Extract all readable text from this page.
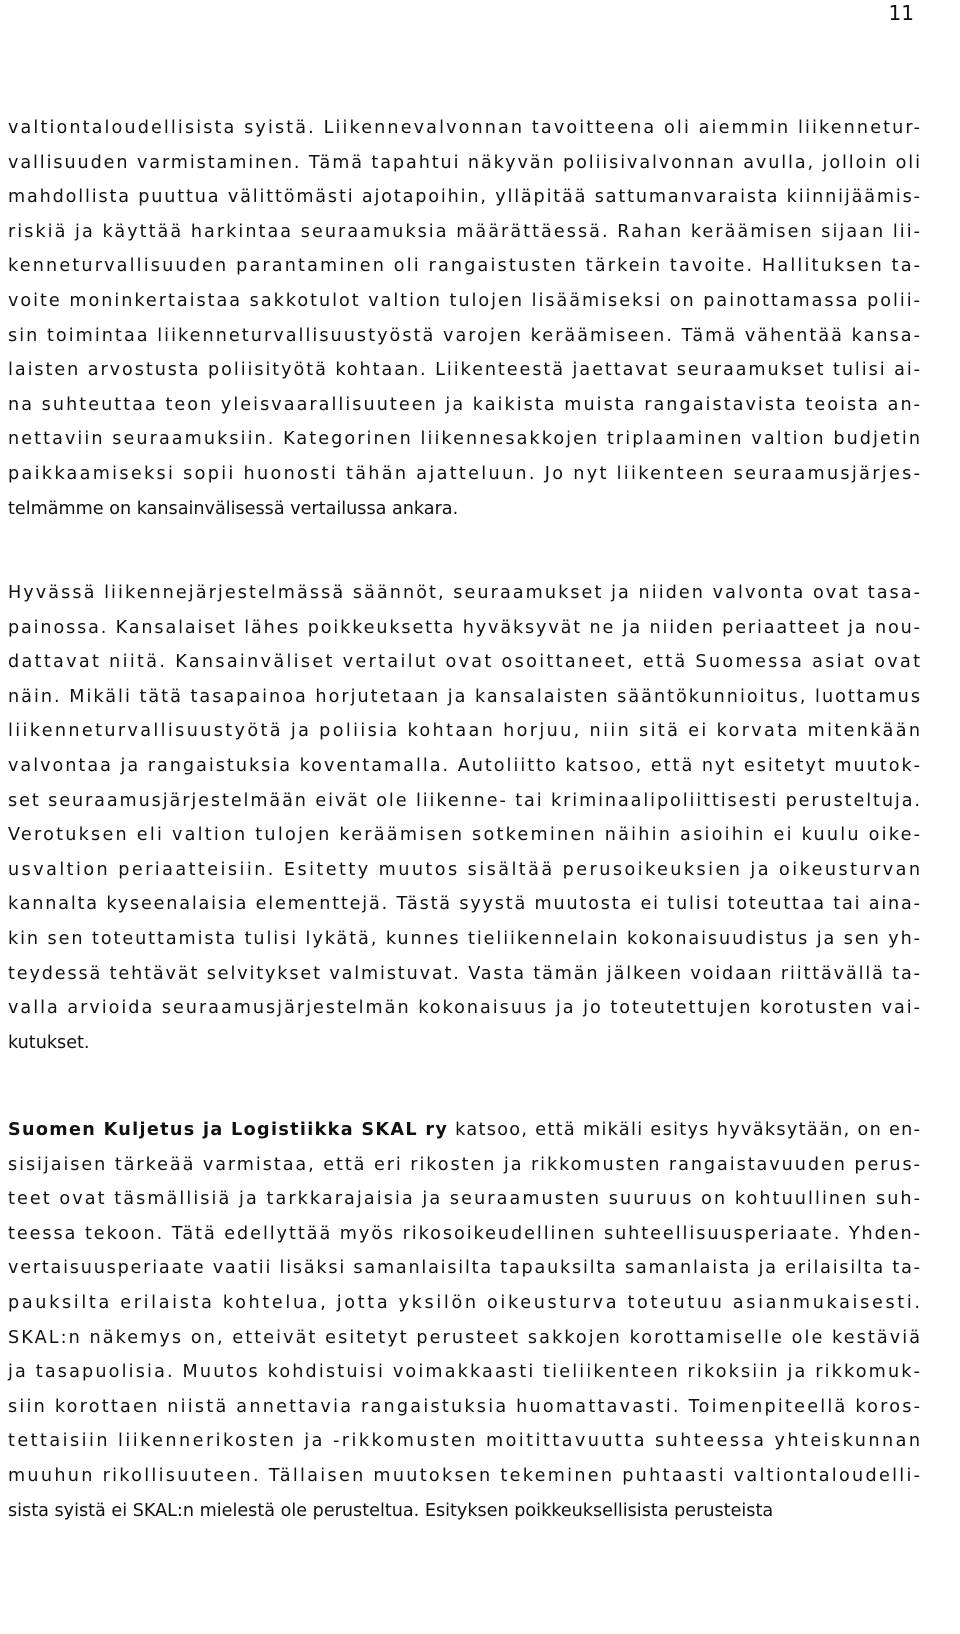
11
valtiontaloudellisista syistä. Liikennevalvonnan tavoitteena oli aiemmin liikennetur-
vallisuuden varmistaminen. Tämä tapahtui näkyvän poliisivalvonnan avulla, jolloin oli
mahdollista puuttua välittömästi ajotapoihin, ylläpitää sattumanvaraista kiinnijäämis-
riskiä ja käyttää harkintaa seuraamuksia määrättäessä. Rahan keräämisen sijaan lii-
kenneturvallisuuden parantaminen oli rangaistusten tärkein tavoite. Hallituksen ta-
voite moninkertaistaa sakkotulot valtion tulojen lisäämiseksi on painottamassa polii-
sin toimintaa liikenneturvallisuustyöstä varojen keräämiseen. Tämä vähentää kansa-
laisten arvostusta poliisityötä kohtaan. Liikenteestä jaettavat seuraamukset tulisi ai-
na suhteuttaa teon yleisvaarallisuuteen ja kaikista muista rangaistavista teoista an-
nettaviin seuraamuksiin. Kategorinen liikennesakkojen triplaaminen valtion budjetin
paikkaamiseksi sopii huonosti tähän ajatteluun. Jo nyt liikenteen seuraamusjärjes-
telmämme on kansainvälisessä vertailussa ankara.
Hyvässä liikennejärjestelmässä säännöt, seuraamukset ja niiden valvonta ovat tasa-
painossa. Kansalaiset lähes poikkeuksetta hyväksyvät ne ja niiden periaatteet ja nou-
dattavat niitä. Kansainväliset vertailut ovat osoittaneet, että Suomessa asiat ovat
näin. Mikäli tätä tasapainoa horjutetaan ja kansalaisten sääntökunnioitus, luottamus
liikenneturvallisuustyötä ja poliisia kohtaan horjuu, niin sitä ei korvata mitenkään
valvontaa ja rangaistuksia koventamalla. Autoliitto katsoo, että nyt esitetyt muutok-
set seuraamusjärjestelmään eivät ole liikenne- tai kriminaalipoliittisesti perusteltuja.
Verotuksen eli valtion tulojen keräämisen sotkeminen näihin asioihin ei kuulu oike-
usvaltion periaatteisiin. Esitetty muutos sisältää perusoikeuksien ja oikeusturvan
kannalta kyseenalaisia elementtejä. Tästä syystä muutosta ei tulisi toteuttaa tai aina-
kin sen toteuttamista tulisi lykätä, kunnes tieliikennelain kokonaisuudistus ja sen yh-
teydessä tehtävät selvitykset valmistuvat. Vasta tämän jälkeen voidaan riittävällä ta-
valla arvioida seuraamusjärjestelmän kokonaisuus ja jo toteutettujen korotusten vai-
kutukset.
Suomen Kuljetus ja Logistiikka SKAL ry katsoo, että mikäli esitys hyväksytään, on en-
sisijaisen tärkeää varmistaa, että eri rikosten ja rikkomusten rangaistavuuden perus-
teet ovat täsmällisiä ja tarkkarajaisia ja seuraamusten suuruus on kohtuullinen suh-
teessa tekoon. Tätä edellyttää myös rikosoikeudellinen suhteellisuusperiaate. Yhden-
vertaisuusperiaate vaatii lisäksi samanlaisilta tapauksilta samanlaista ja erilaisilta ta-
pauksilta erilaista kohtelua, jotta yksilön oikeusturva toteutuu asianmukaisesti.
SKAL:n näkemys on, etteivät esitetyt perusteet sakkojen korottamiselle ole kestäviä
ja tasapuolisia. Muutos kohdistuisi voimakkaasti tieliikenteen rikoksiin ja rikkomuk-
siin korottaen niistä annettavia rangaistuksia huomattavasti. Toimenpiteellä koros-
tettaisiin liikennerikosten ja -rikkomusten moitittavuutta suhteessa yhteiskunnan
muuhun rikollisuuteen. Tällaisen muutoksen tekeminen puhtaasti valtiontaloudelli-
sista syistä ei SKAL:n mielestä ole perusteltua. Esityksen poikkeuksellisista perusteista
